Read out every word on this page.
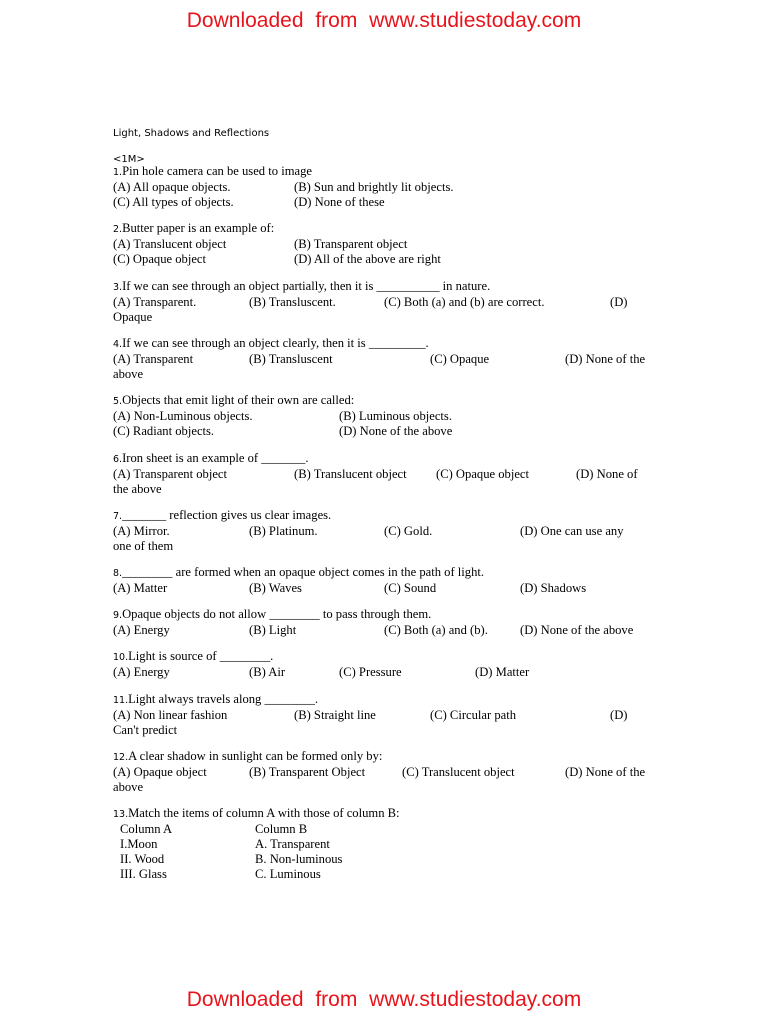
Downloaded from www.studiestoday.com
Light, Shadows and Reflections
<1M>
1.Pin hole camera can be used to image
(A) All opaque objects.	(B) Sun and brightly lit objects.
(C) All types of objects.	(D) None of these
2.Butter paper is an example of:
(A) Translucent object	(B) Transparent object
(C) Opaque object	(D) All of the above are right
3.If we can see through an object partially, then it is __________ in nature.
(A) Transparent.	(B) Transluscent.	(C) Both (a) and (b) are correct.	(D)
Opaque
4.If we can see through an object clearly, then it is _________.
(A) Transparent	(B) Transluscent	(C) Opaque	(D) None of the
above
5.Objects that emit light of their own are called:
(A) Non-Luminous objects.	(B) Luminous objects.
(C) Radiant objects.	(D) None of the above
6.Iron sheet is an example of _______.
(A) Transparent object	(B) Translucent object (C) Opaque object	(D) None of
the above
7._______ reflection gives us clear images.
(A) Mirror.	(B) Platinum.	(C) Gold.	(D) One can use any
one of them
8.________ are formed when an opaque object comes in the path of light.
(A) Matter	(B) Waves	(C) Sound	(D) Shadows
9.Opaque objects do not allow ________ to pass through them.
(A) Energy	(B) Light	(C) Both (a) and (b).	(D) None of the above
10.Light is source of ________.
(A) Energy	(B) Air	(C) Pressure	(D) Matter
11.Light always travels along ________.
(A) Non linear fashion	(B) Straight line	(C) Circular path	(D)
Can't predict
12.A clear shadow in sunlight can be formed only by:
(A) Opaque object	(B) Transparent Object	(C) Translucent object	(D) None of the
above
13.Match the items of column A with those of column B:
Column A	Column B
I.Moon	A. Transparent
II. Wood	B. Non-luminous
III. Glass	C. Luminous
Downloaded from www.studiestoday.com
